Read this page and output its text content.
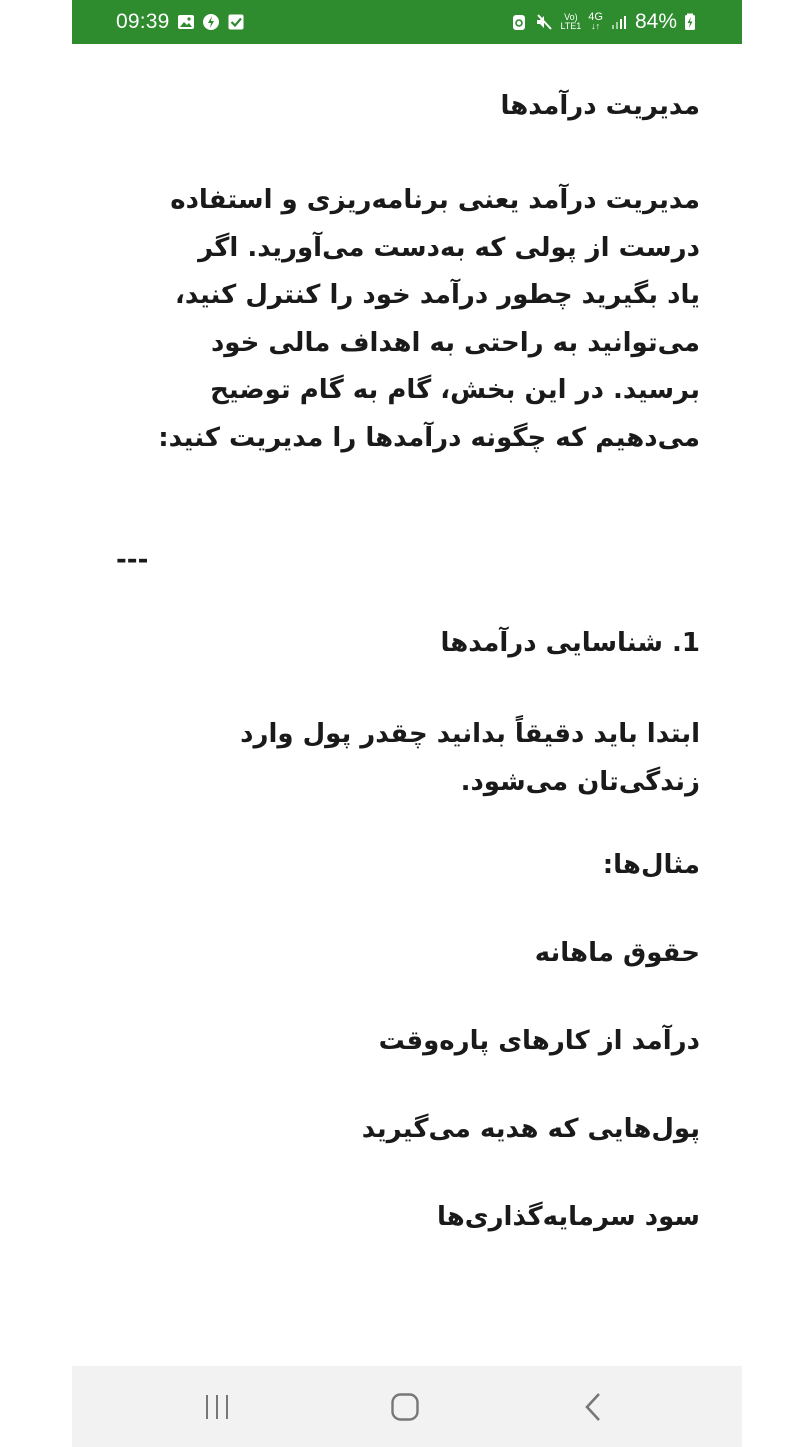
09:39	Vo)
LTE1
4G
↓↑ 84%
مدیریت درآمدها
مدیریت درآمد یعنی برنامه‌ریزی و استفاده
درست از پولی که به‌دست می‌آورید. اگر
یاد بگیرید چطور درآمد خود را کنترل کنید،
می‌توانید به راحتی به اهداف مالی خود
برسید. در این بخش، گام به گام توضیح
می‌دهیم که چگونه درآمدها را مدیریت کنید:
---
1. شناسایی درآمدها
ابتدا باید دقیقاً بدانید چقدر پول وارد
زندگی‌تان می‌شود.
مثال‌ها:
حقوق ماهانه
درآمد از کارهای پاره‌وقت
پول‌هایی که هدیه می‌گیرید
سود سرمایه‌گذاری‌ها
